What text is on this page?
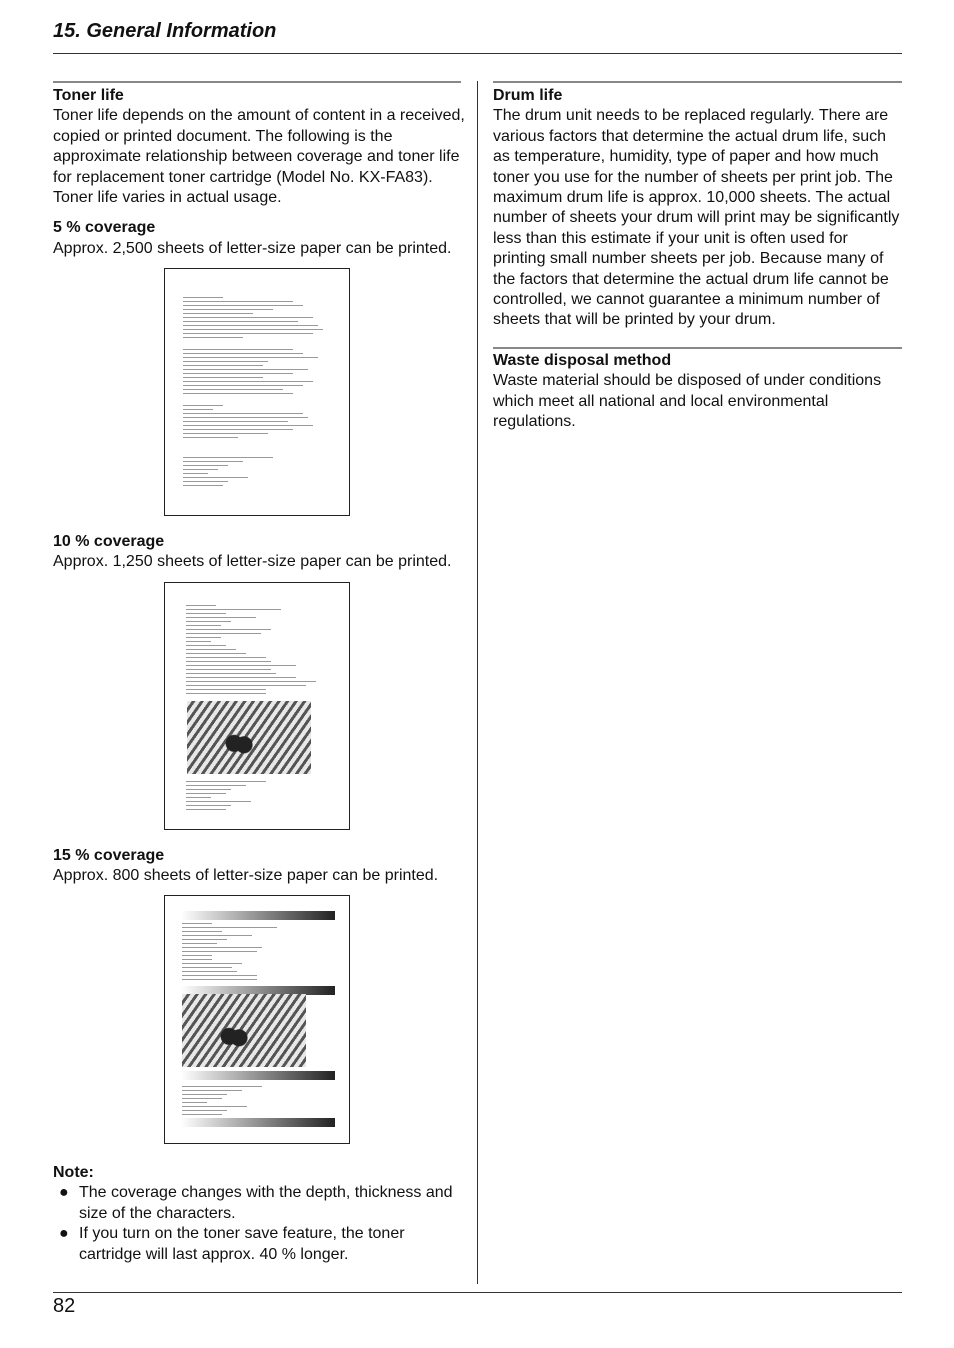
15. General Information
Toner life

Toner life depends on the amount of content in a received, copied or printed document. The following is the approximate relationship between coverage and toner life for replacement toner cartridge (Model No. KX-FA83). Toner life varies in actual usage.

5 % coverage

Approx. 2,500 sheets of letter-size paper can be printed.

10 % coverage

Approx. 1,250 sheets of letter-size paper can be printed.

15 % coverage

Approx. 800 sheets of letter-size paper can be printed.

Note:
● The coverage changes with the depth, thickness and size of the characters.
● If you turn on the toner save feature, the toner cartridge will last approx. 40 % longer.
Drum life

The drum unit needs to be replaced regularly. There are various factors that determine the actual drum life, such as temperature, humidity, type of paper and how much toner you use for the number of sheets per print job. The maximum drum life is approx. 10,000 sheets. The actual number of sheets your drum will print may be significantly less than this estimate if your unit is often used for printing small number sheets per job. Because many of the factors that determine the actual drum life cannot be controlled, we cannot guarantee a minimum number of sheets that will be printed by your drum.

Waste disposal method

Waste material should be disposed of under conditions which meet all national and local environmental regulations.

82
